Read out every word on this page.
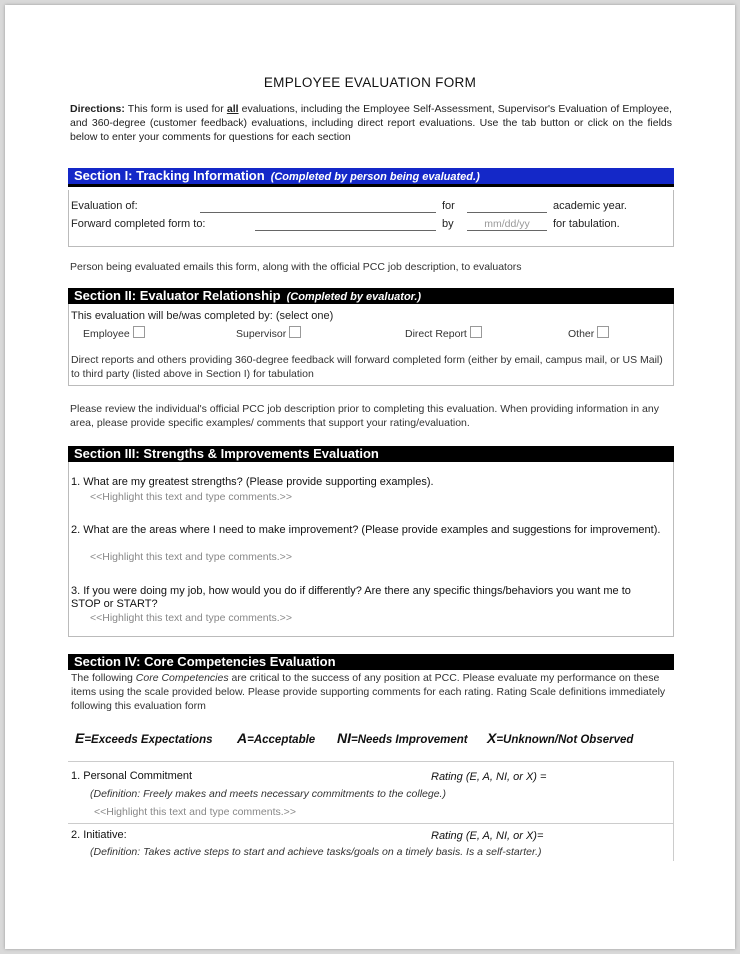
EMPLOYEE EVALUATION FORM
Directions: This form is used for all evaluations, including the Employee Self-Assessment, Supervisor's Evaluation of Employee, and 360-degree (customer feedback) evaluations, including direct report evaluations. Use the tab button or click on the fields below to enter your comments for questions for each section
Section I: Tracking Information (Completed by person being evaluated.)
Evaluation of:	for	academic year.
Forward completed form to:	by	mm/dd/yy	for tabulation.
Person being evaluated emails this form, along with the official PCC job description, to evaluators
Section II: Evaluator Relationship (Completed by evaluator.)
This evaluation will be/was completed by: (select one)
Employee	Supervisor	Direct Report	Other
Direct reports and others providing 360-degree feedback will forward completed form (either by email, campus mail, or US Mail) to third party (listed above in Section I) for tabulation
Please review the individual's official PCC job description prior to completing this evaluation. When providing information in any area, please provide specific examples/ comments that support your rating/evaluation.
Section III: Strengths & Improvements Evaluation
1. What are my greatest strengths? (Please provide supporting examples).
<<Highlight this text and type comments.>>
2. What are the areas where I need to make improvement? (Please provide examples and suggestions for improvement).
<<Highlight this text and type comments.>>
3. If you were doing my job, how would you do if differently? Are there any specific things/behaviors you want me to STOP or START?
<<Highlight this text and type comments.>>
Section IV: Core Competencies Evaluation
The following Core Competencies are critical to the success of any position at PCC. Please evaluate my performance on these items using the scale provided below. Please provide supporting comments for each rating. Rating Scale definitions immediately following this evaluation form
E=Exceeds Expectations A=Acceptable NI=Needs Improvement X=Unknown/Not Observed
1. Personal Commitment	Rating (E, A, NI, or X) =
(Definition: Freely makes and meets necessary commitments to the college.)
<<Highlight this text and type comments.>>
2. Initiative:	Rating (E, A, NI, or X)=
(Definition: Takes active steps to start and achieve tasks/goals on a timely basis. Is a self-starter.)
